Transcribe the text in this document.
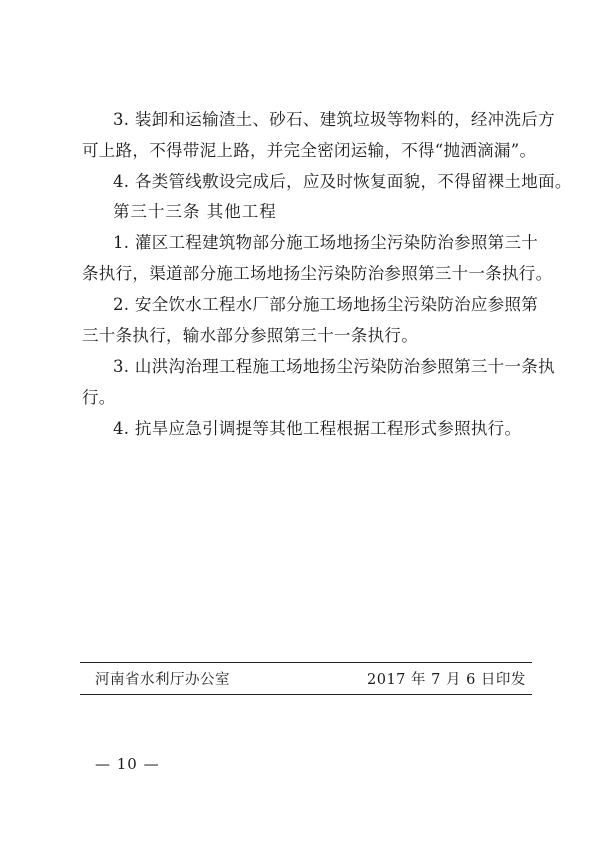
3. 装卸和运输渣土、砂石、建筑垃圾等物料的，经冲洗后方
可上路，不得带泥上路，并完全密闭运输，不得“抛洒滴漏”。
4. 各类管线敷设完成后，应及时恢复面貌，不得留裸土地面。
第三十三条 其他工程
1. 灌区工程建筑物部分施工场地扬尘污染防治参照第三十
条执行，渠道部分施工场地扬尘污染防治参照第三十一条执行。
2. 安全饮水工程水厂部分施工场地扬尘污染防治应参照第
三十条执行，输水部分参照第三十一条执行。
3. 山洪沟治理工程施工场地扬尘污染防治参照第三十一条执
行。
4. 抗旱应急引调提等其他工程根据工程形式参照执行。
河南省水利厅办公室	2017 年 7 月 6 日印发
— 10 —
